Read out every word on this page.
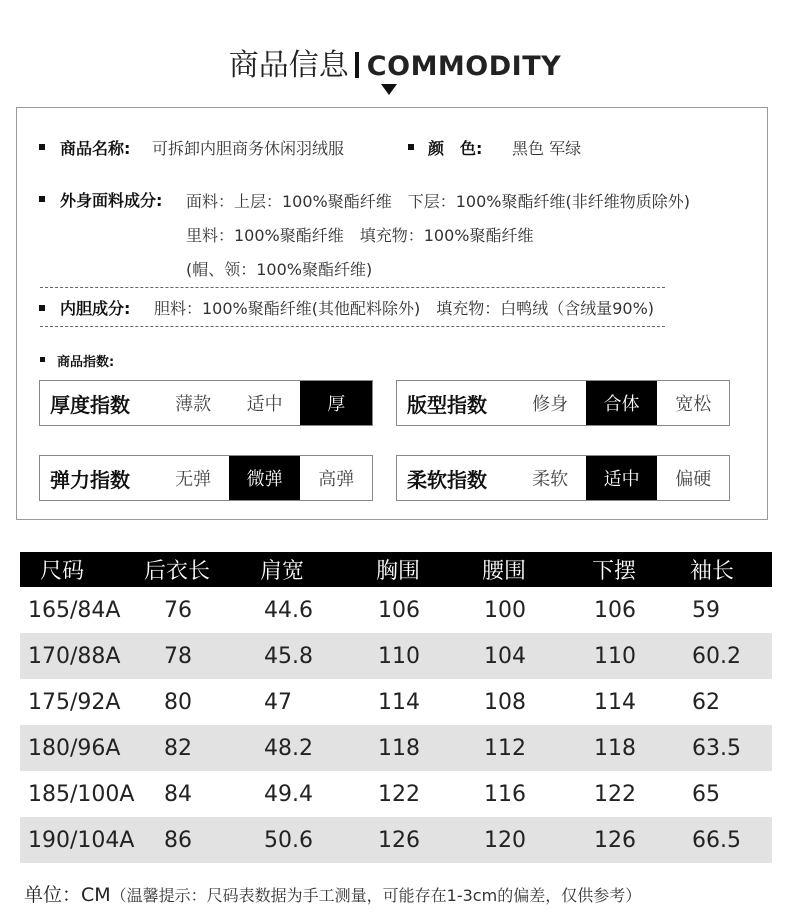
商品信息 COMMODITY
商品名称: 可拆卸内胆商务休闲羽绒服	颜　色: 黑色 军绿
外身面料成分: 面料：上层：100%聚酯纤维　下层：100%聚酯纤维(非纤维物质除外)
里料：100%聚酯纤维　填充物：100%聚酯纤维
(帽、领：100%聚酯纤维)
内胆成分: 胆料：100%聚酯纤维(其他配料除外)　填充物：白鸭绒（含绒量90%)
商品指数:
厚度指数	薄款	适中	厚	版型指数	修身	合体	宽松
弹力指数	无弹	微弹	高弹	柔软指数	柔软	适中	偏硬
尺码	后衣长	肩宽	胸围	腰围	下摆	袖长
165/84A	76	44.6	106	100	106	59
170/88A	78	45.8	110	104	110	60.2
175/92A	80	47	114	108	114	62
180/96A	82	48.2	118	112	118	63.5
185/100A	84	49.4	122	116	122	65
190/104A	86	50.6	126	120	126	66.5
单位：CM（温馨提示：尺码表数据为手工测量，可能存在1-3cm的偏差，仅供参考）
